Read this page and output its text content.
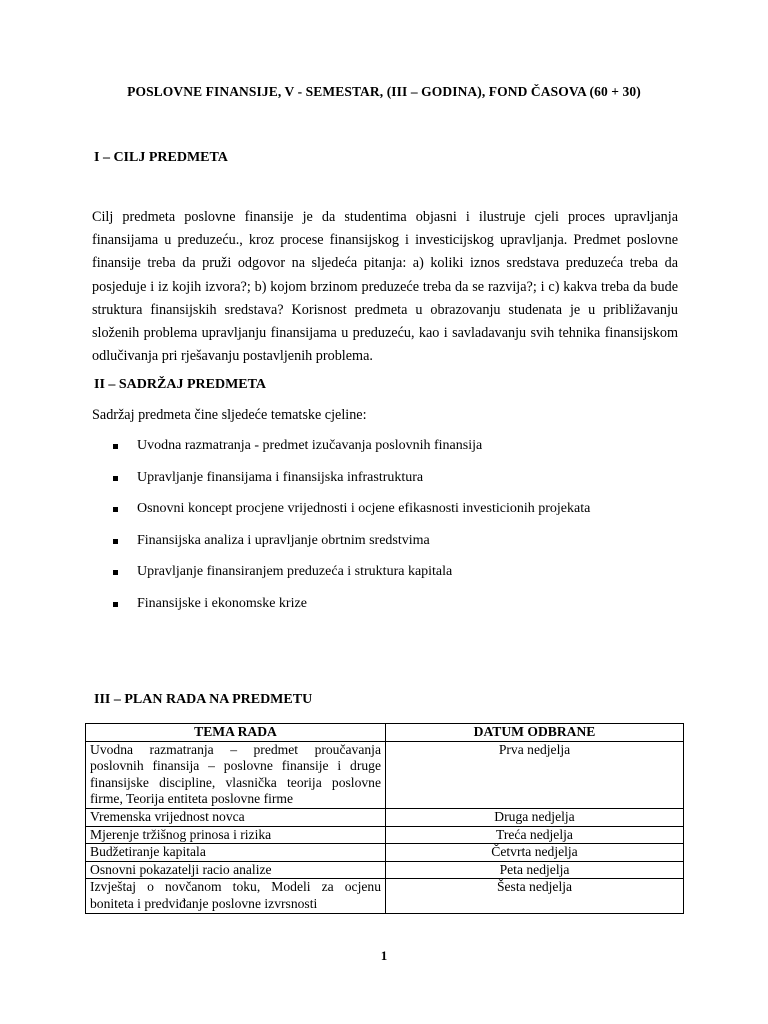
POSLOVNE FINANSIJE, V - SEMESTAR, (III – GODINA), FOND ČASOVA (60 + 30)
I – CILJ PREDMETA
Cilj predmeta poslovne finansije je da studentima objasni i ilustruje cjeli proces upravljanja finansijama u preduzeću., kroz procese finansijskog i investicijskog upravljanja. Predmet poslovne finansije treba da pruži odgovor na sljedeća pitanja: a) koliki iznos sredstava preduzeća treba da posjeduje i iz kojih izvora?; b) kojom brzinom preduzeće treba da se razvija?; i c) kakva treba da bude struktura finansijskih sredstava? Korisnost predmeta u obrazovanju studenata je u približavanju složenih problema upravljanju finansijama u preduzeću, kao i savladavanju svih tehnika finansijskom odlučivanja pri rješavanju postavljenih problema.
II – SADRŽAJ PREDMETA
Sadržaj predmeta čine sljedeće tematske cjeline:
Uvodna razmatranja - predmet izučavanja poslovnih finansija
Upravljanje finansijama i finansijska infrastruktura
Osnovni koncept procjene vrijednosti i ocjene efikasnosti investicionih projekata
Finansijska analiza i upravljanje obrtnim sredstvima
Upravljanje finansiranjem preduzeća i struktura kapitala
Finansijske i ekonomske krize
III – PLAN RADA NA PREDMETU
TEMA RADA	DATUM ODBRANE
Uvodna razmatranja – predmet proučavanja poslovnih finansija – poslovne finansije i druge finansijske discipline, vlasnička teorija poslovne firme, Teorija entiteta poslovne firme	Prva nedjelja
Vremenska vrijednost novca	Druga nedjelja
Mjerenje tržišnog prinosa i rizika	Treća nedjelja
Budžetiranje kapitala	Četvrta nedjelja
Osnovni pokazatelji racio analize	Peta nedjelja
Izvještaj o novčanom toku, Modeli za ocjenu boniteta i predviđanje poslovne izvrsnosti	Šesta nedjelja
1
